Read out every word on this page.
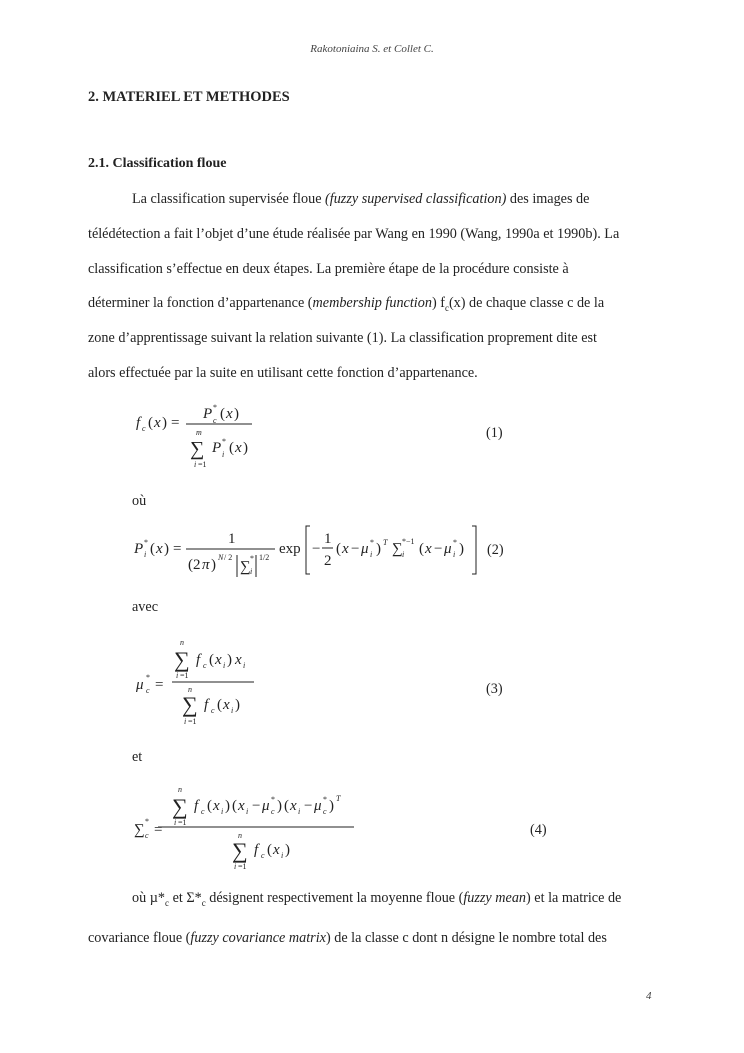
Rakotoniaina S. et Collet C.
2. MATERIEL ET METHODES
2.1. Classification floue
La classification supervisée floue (fuzzy supervised classification) des images de
télédétection a fait l’objet d’une étude réalisée par Wang en 1990 (Wang, 1990a et 1990b). La
classification s’effectue en deux étapes. La première étape de la procédure consiste à
déterminer la fonction d’appartenance (membership function) $f_c(x)$ de chaque classe c de la
zone d’apprentissage suivant la relation suivante (1). La classification proprement dite est
alors effectuée par la suite en utilisant cette fonction d’appartenance.
f c ( x ) =
P *
c ( x )
m
∑
i =1
P *
i ( x )
(1)
où
P *
i ( x ) =
1
(2 π ) N / 2
∑
*
i
1/2
exp −
1
2
( x − μ *
i ) T ∑ *−1
i ( x − μ *
i ) (2)
avec
μ *
c =
n
∑
i =1
f c ( x i ) x i
n
∑
i =1
f c ( x i )
(3)
et
∑
*
c =
n
∑
i =1
f c ( x i ) ( x i − μ *
c ) ( x i − μ *
c ) T
n
∑
i =1
f c ( x i )
(4)
où $\mu*_c$ et $\Sigma*_c$ désignent respectivement la moyenne floue (fuzzy mean) et la matrice de
covariance floue (fuzzy covariance matrix) de la classe c dont n désigne le nombre total des
4
